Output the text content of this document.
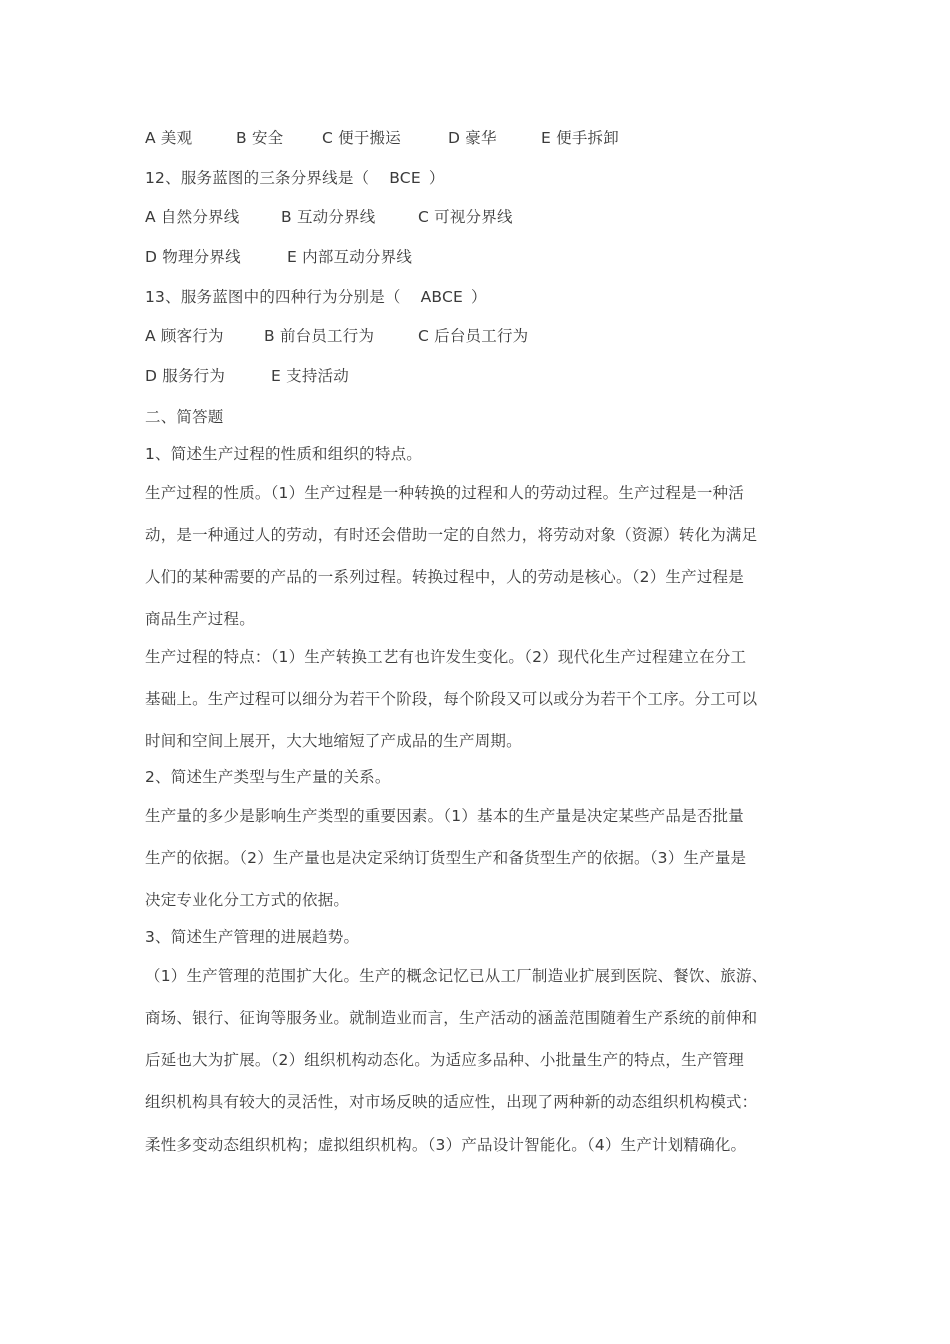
A 美观	B 安全 C 便于搬运	D 豪华	E 便手拆卸
12、服务蓝图的三条分界线是（ BCE ）
A 自然分界线	B 互动分界线	C 可视分界线
D 物理分界线	E 内部互动分界线
13、服务蓝图中的四种行为分别是（ ABCE ）
A 顾客行为	B 前台员工行为	C 后台员工行为
D 服务行为	E 支持活动
二、简答题
1、简述生产过程的性质和组织的特点。
生产过程的性质。（1）生产过程是一种转换的过程和人的劳动过程。生产过程是一种活
动，是一种通过人的劳动，有时还会借助一定的自然力，将劳动对象（资源）转化为满足
人们的某种需要的产品的一系列过程。转换过程中，人的劳动是核心。（2）生产过程是
商品生产过程。
生产过程的特点：（1）生产转换工艺有也许发生变化。（2）现代化生产过程建立在分工
基础上。生产过程可以细分为若干个阶段，每个阶段又可以或分为若干个工序。分工可以
时间和空间上展开，大大地缩短了产成品的生产周期。
2、简述生产类型与生产量的关系。
生产量的多少是影响生产类型的重要因素。（1）基本的生产量是决定某些产品是否批量
生产的依据。（2）生产量也是决定采纳订货型生产和备货型生产的依据。（3）生产量是
决定专业化分工方式的依据。
3、简述生产管理的进展趋势。
（1）生产管理的范围扩大化。生产的概念记忆已从工厂制造业扩展到医院、餐饮、旅游、
商场、银行、征询等服务业。就制造业而言，生产活动的涵盖范围随着生产系统的前伸和
后延也大为扩展。（2）组织机构动态化。为适应多品种、小批量生产的特点，生产管理
组织机构具有较大的灵活性，对市场反映的适应性，出现了两种新的动态组织机构模式：
柔性多变动态组织机构；虚拟组织机构。（3）产品设计智能化。（4）生产计划精确化。
